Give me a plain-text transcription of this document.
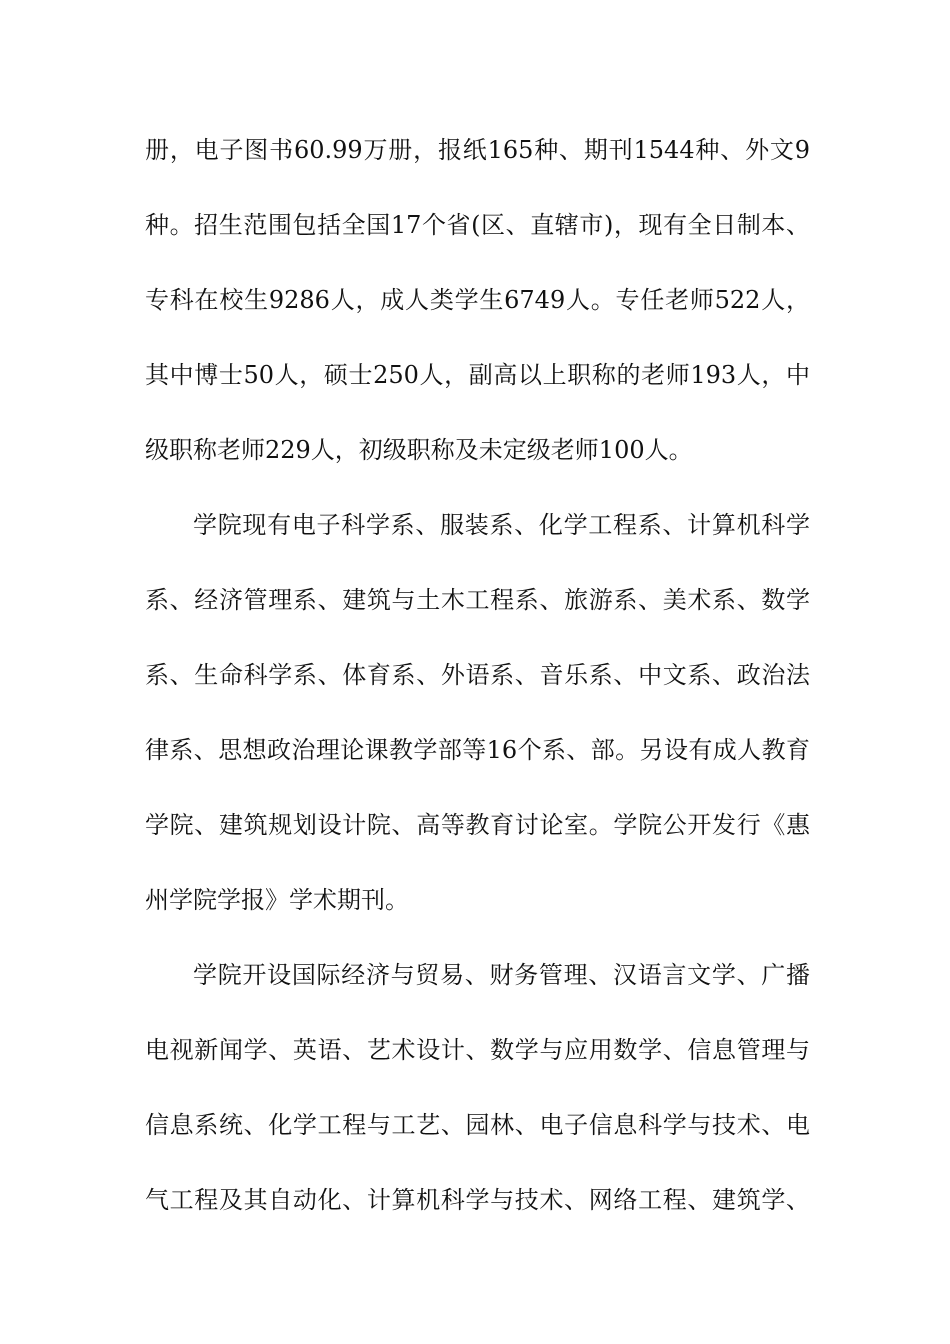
册，电子图书60.99万册，报纸165种、期刊1544种、外文9
种。招生范围包括全国17个省(区、直辖市)，现有全日制本、
专科在校生9286人，成人类学生6749人。专任老师522人，
其中博士50人，硕士250人，副高以上职称的老师193人，中
级职称老师229人，初级职称及未定级老师100人。
学院现有电子科学系、服装系、化学工程系、计算机科学
系、经济管理系、建筑与土木工程系、旅游系、美术系、数学
系、生命科学系、体育系、外语系、音乐系、中文系、政治法
律系、思想政治理论课教学部等16个系、部。另设有成人教育
学院、建筑规划设计院、高等教育讨论室。学院公开发行《惠
州学院学报》学术期刊。
学院开设国际经济与贸易、财务管理、汉语言文学、广播
电视新闻学、英语、艺术设计、数学与应用数学、信息管理与
信息系统、化学工程与工艺、园林、电子信息科学与技术、电
气工程及其自动化、计算机科学与技术、网络工程、建筑学、
